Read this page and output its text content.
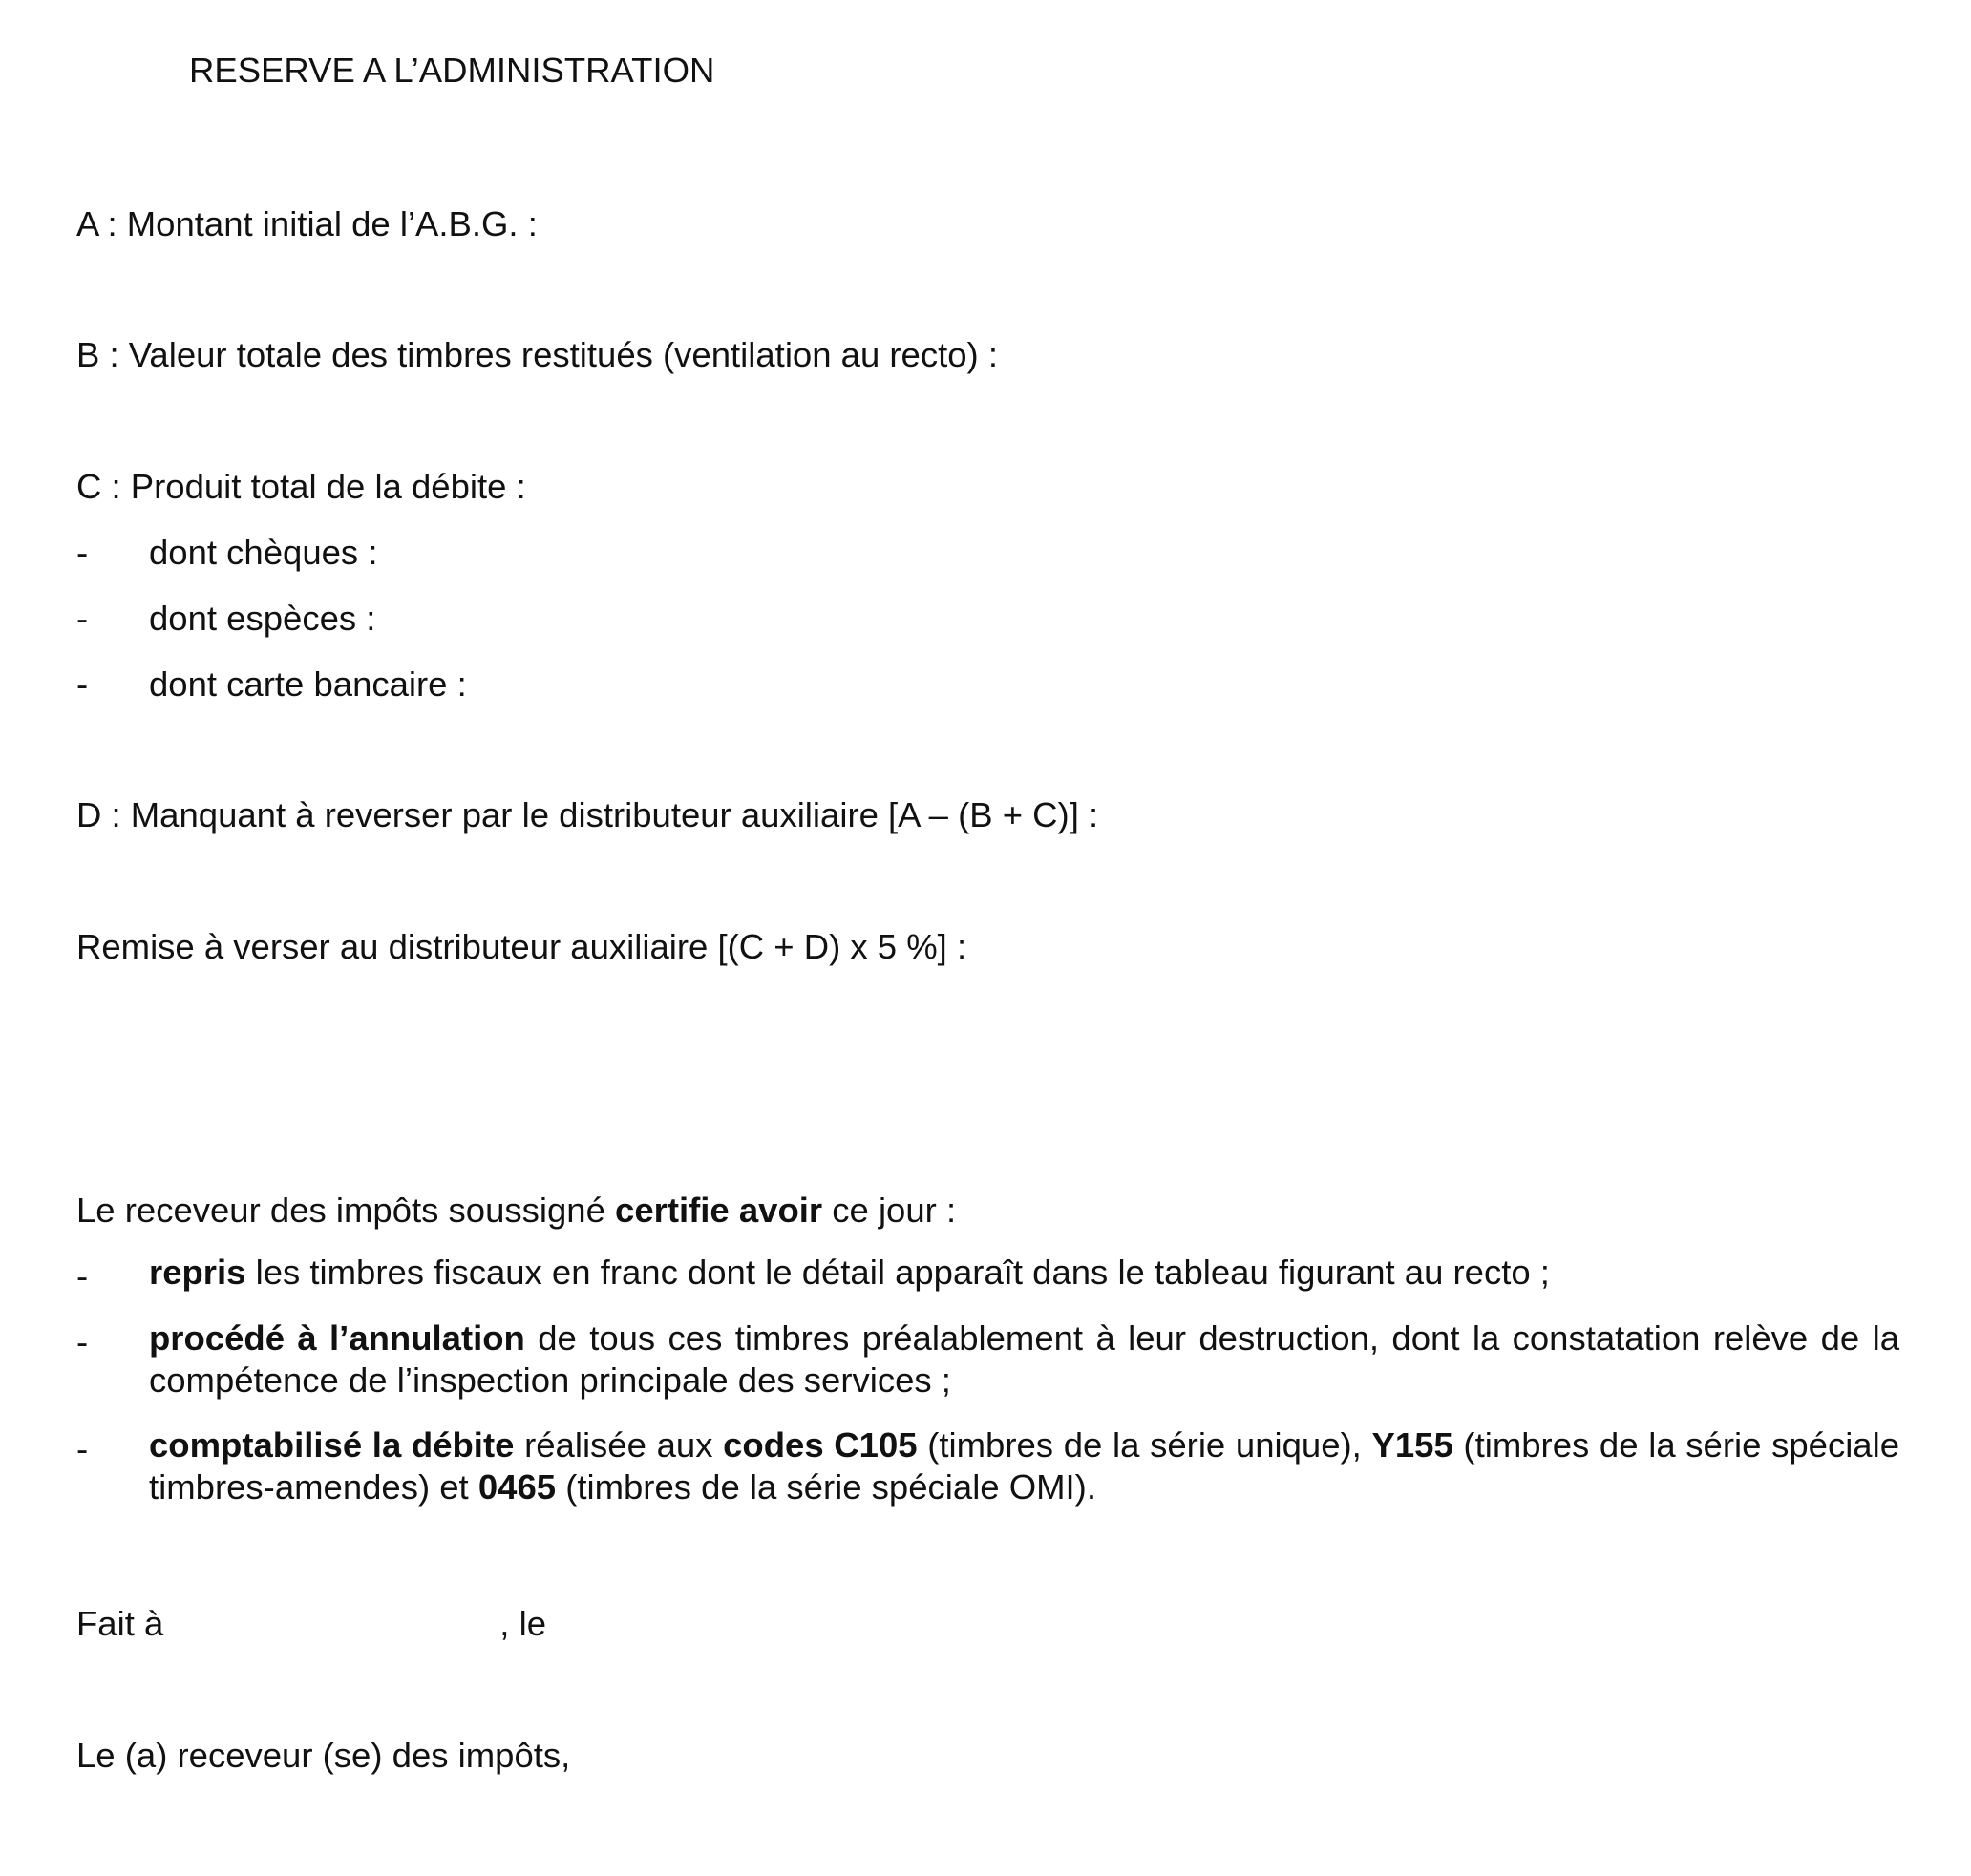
RESERVE A L’ADMINISTRATION
A : Montant initial de l’A.B.G. :
B : Valeur totale des timbres restitués (ventilation au recto) :
C : Produit total de la débite :
- dont chèques :
- dont espèces :
- dont carte bancaire :
D : Manquant à reverser par le distributeur auxiliaire [A – (B + C)] :
Remise à verser au distributeur auxiliaire [(C + D) x 5 %] :
Le receveur des impôts soussigné certifie avoir ce jour :
- repris les timbres fiscaux en franc dont le détail apparaît dans le tableau figurant au recto ;
- procédé à l’annulation de tous ces timbres préalablement à leur destruction, dont la constatation relève de la compétence de l’inspection principale des services ;
- comptabilisé la débite réalisée aux codes C105 (timbres de la série unique), Y155 (timbres de la série spéciale timbres-amendes) et 0465 (timbres de la série spéciale OMI).
Fait à	, le
Le (a) receveur (se) des impôts,
